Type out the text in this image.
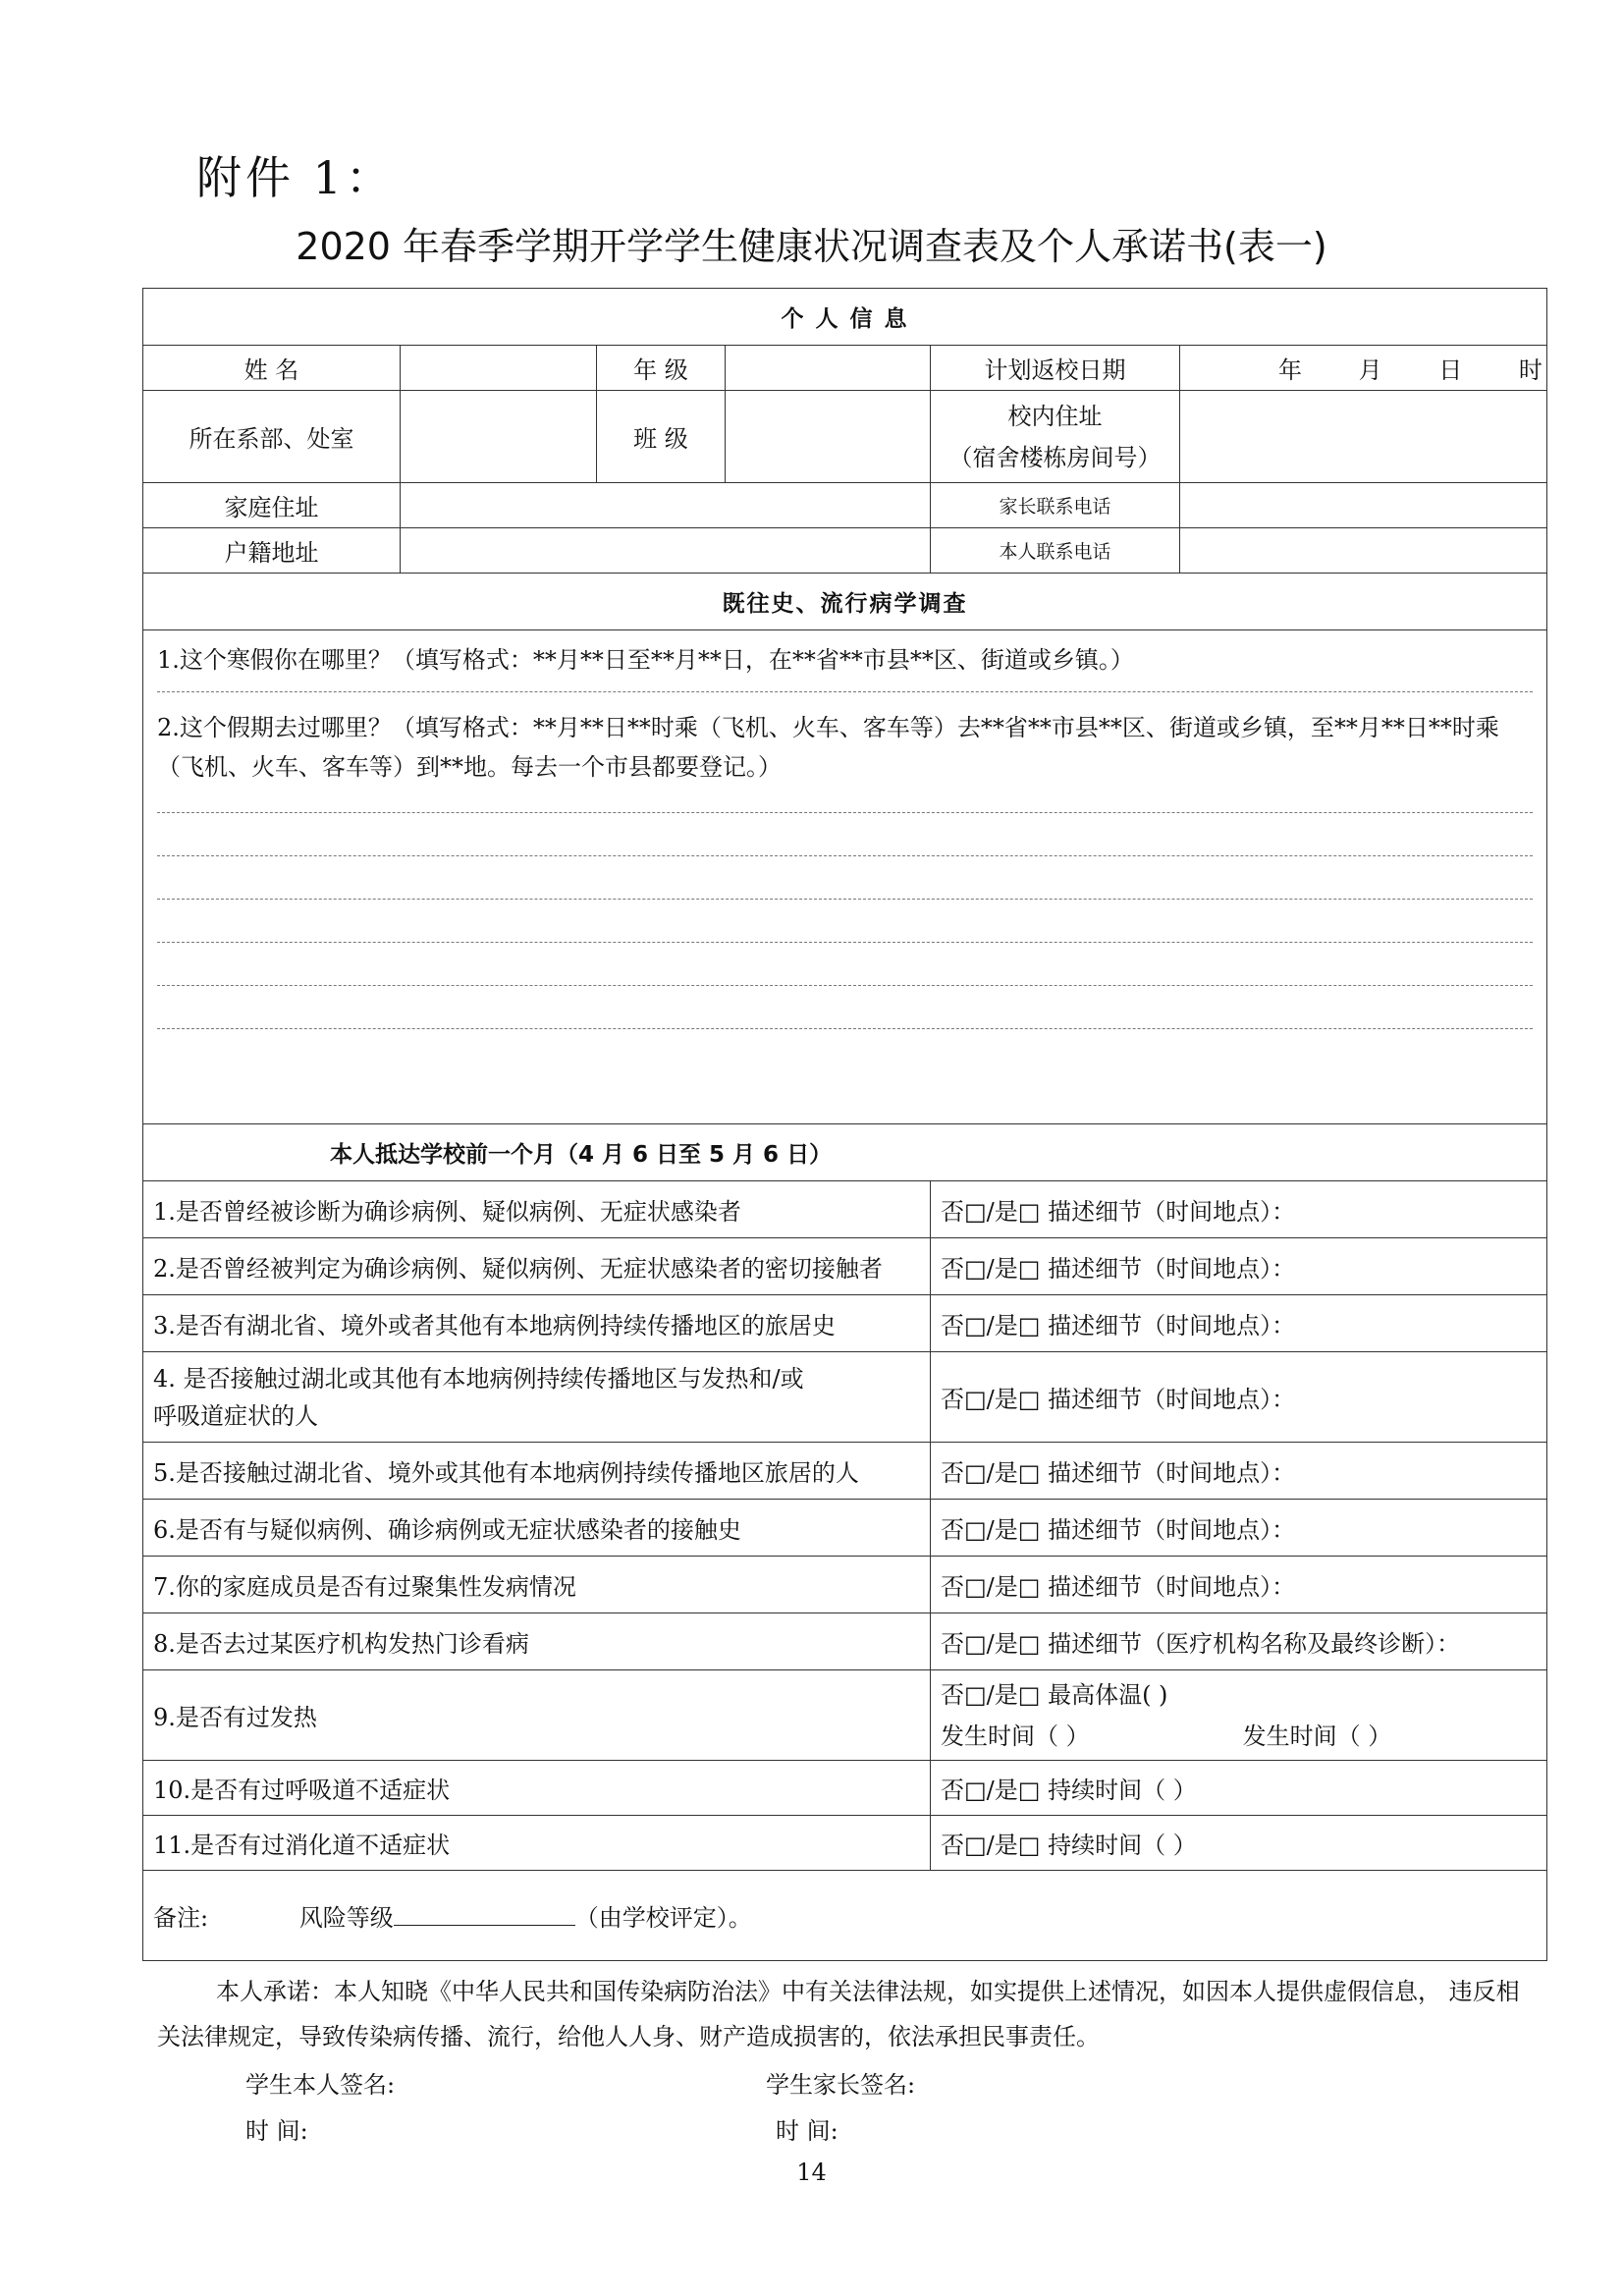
附件 1：
2020 年春季学期开学学生健康状况调查表及个人承诺书(表一)
个 人 信 息					
姓 名		年 级		计划返校日期	年 月 日 时
所在系部、处室		班 级		校内住址
（宿舍楼栋房间号）	

家庭住址				家长联系电话	
户籍地址				本人联系电话	
既往史、流行病学调查					

1.这个寒假你在哪里？（填写格式：**月**日至**月**日，在**省**市县**区、街道或乡镇。）
2.这个假期去过哪里？（填写格式：**月**日**时乘（飞机、火车、客车等）去**省**市县**区、街道或乡镇，至**月**日**时乘（飞机、火车、客车等）到**地。每去一个市县都要登记。）					

本人抵达学校前一个月（4 月 6 日至 5 月 6 日）					
1.是否曾经被诊断为确诊病例、疑似病例、无症状感染者				否□/是□ 描述细节（时间地点）：	
2.是否曾经被判定为确诊病例、疑似病例、无症状感染者的密切接触者				否□/是□ 描述细节（时间地点）：	
3.是否有湖北省、境外或者其他有本地病例持续传播地区的旅居史				否□/是□ 描述细节（时间地点）：	
4. 是否接触过湖北或其他有本地病例持续传播地区与发热和/或呼吸道症状的人				否□/是□ 描述细节（时间地点）：	
5.是否接触过湖北省、境外或其他有本地病例持续传播地区旅居的人				否□/是□ 描述细节（时间地点）：	
6.是否有与疑似病例、确诊病例或无症状感染者的接触史				否□/是□ 描述细节（时间地点）：	
7.你的家庭成员是否有过聚集性发病情况				否□/是□ 描述细节（时间地点）：	
8.是否去过某医疗机构发热门诊看病				否□/是□ 描述细节（医疗机构名称及最终诊断）：	
9.是否有过发热				否□/是□ 最高体温( )
发生时间（ ） 发生时间（ ）	

10.是否有过呼吸道不适症状				否□/是□ 持续时间（ ）	
11.是否有过消化道不适症状				否□/是□ 持续时间（ ）	
备注: 风险等级 （由学校评定）。					
本人承诺：本人知晓《中华人民共和国传染病防治法》中有关法律法规，如实提供上述情况，如因本人提供虚假信息， 违反相关法律规定，导致传染病传播、流行，给他人人身、财产造成损害的，依法承担民事责任。
学生本人签名:	学生家长签名:
时 间:	时 间:
14
